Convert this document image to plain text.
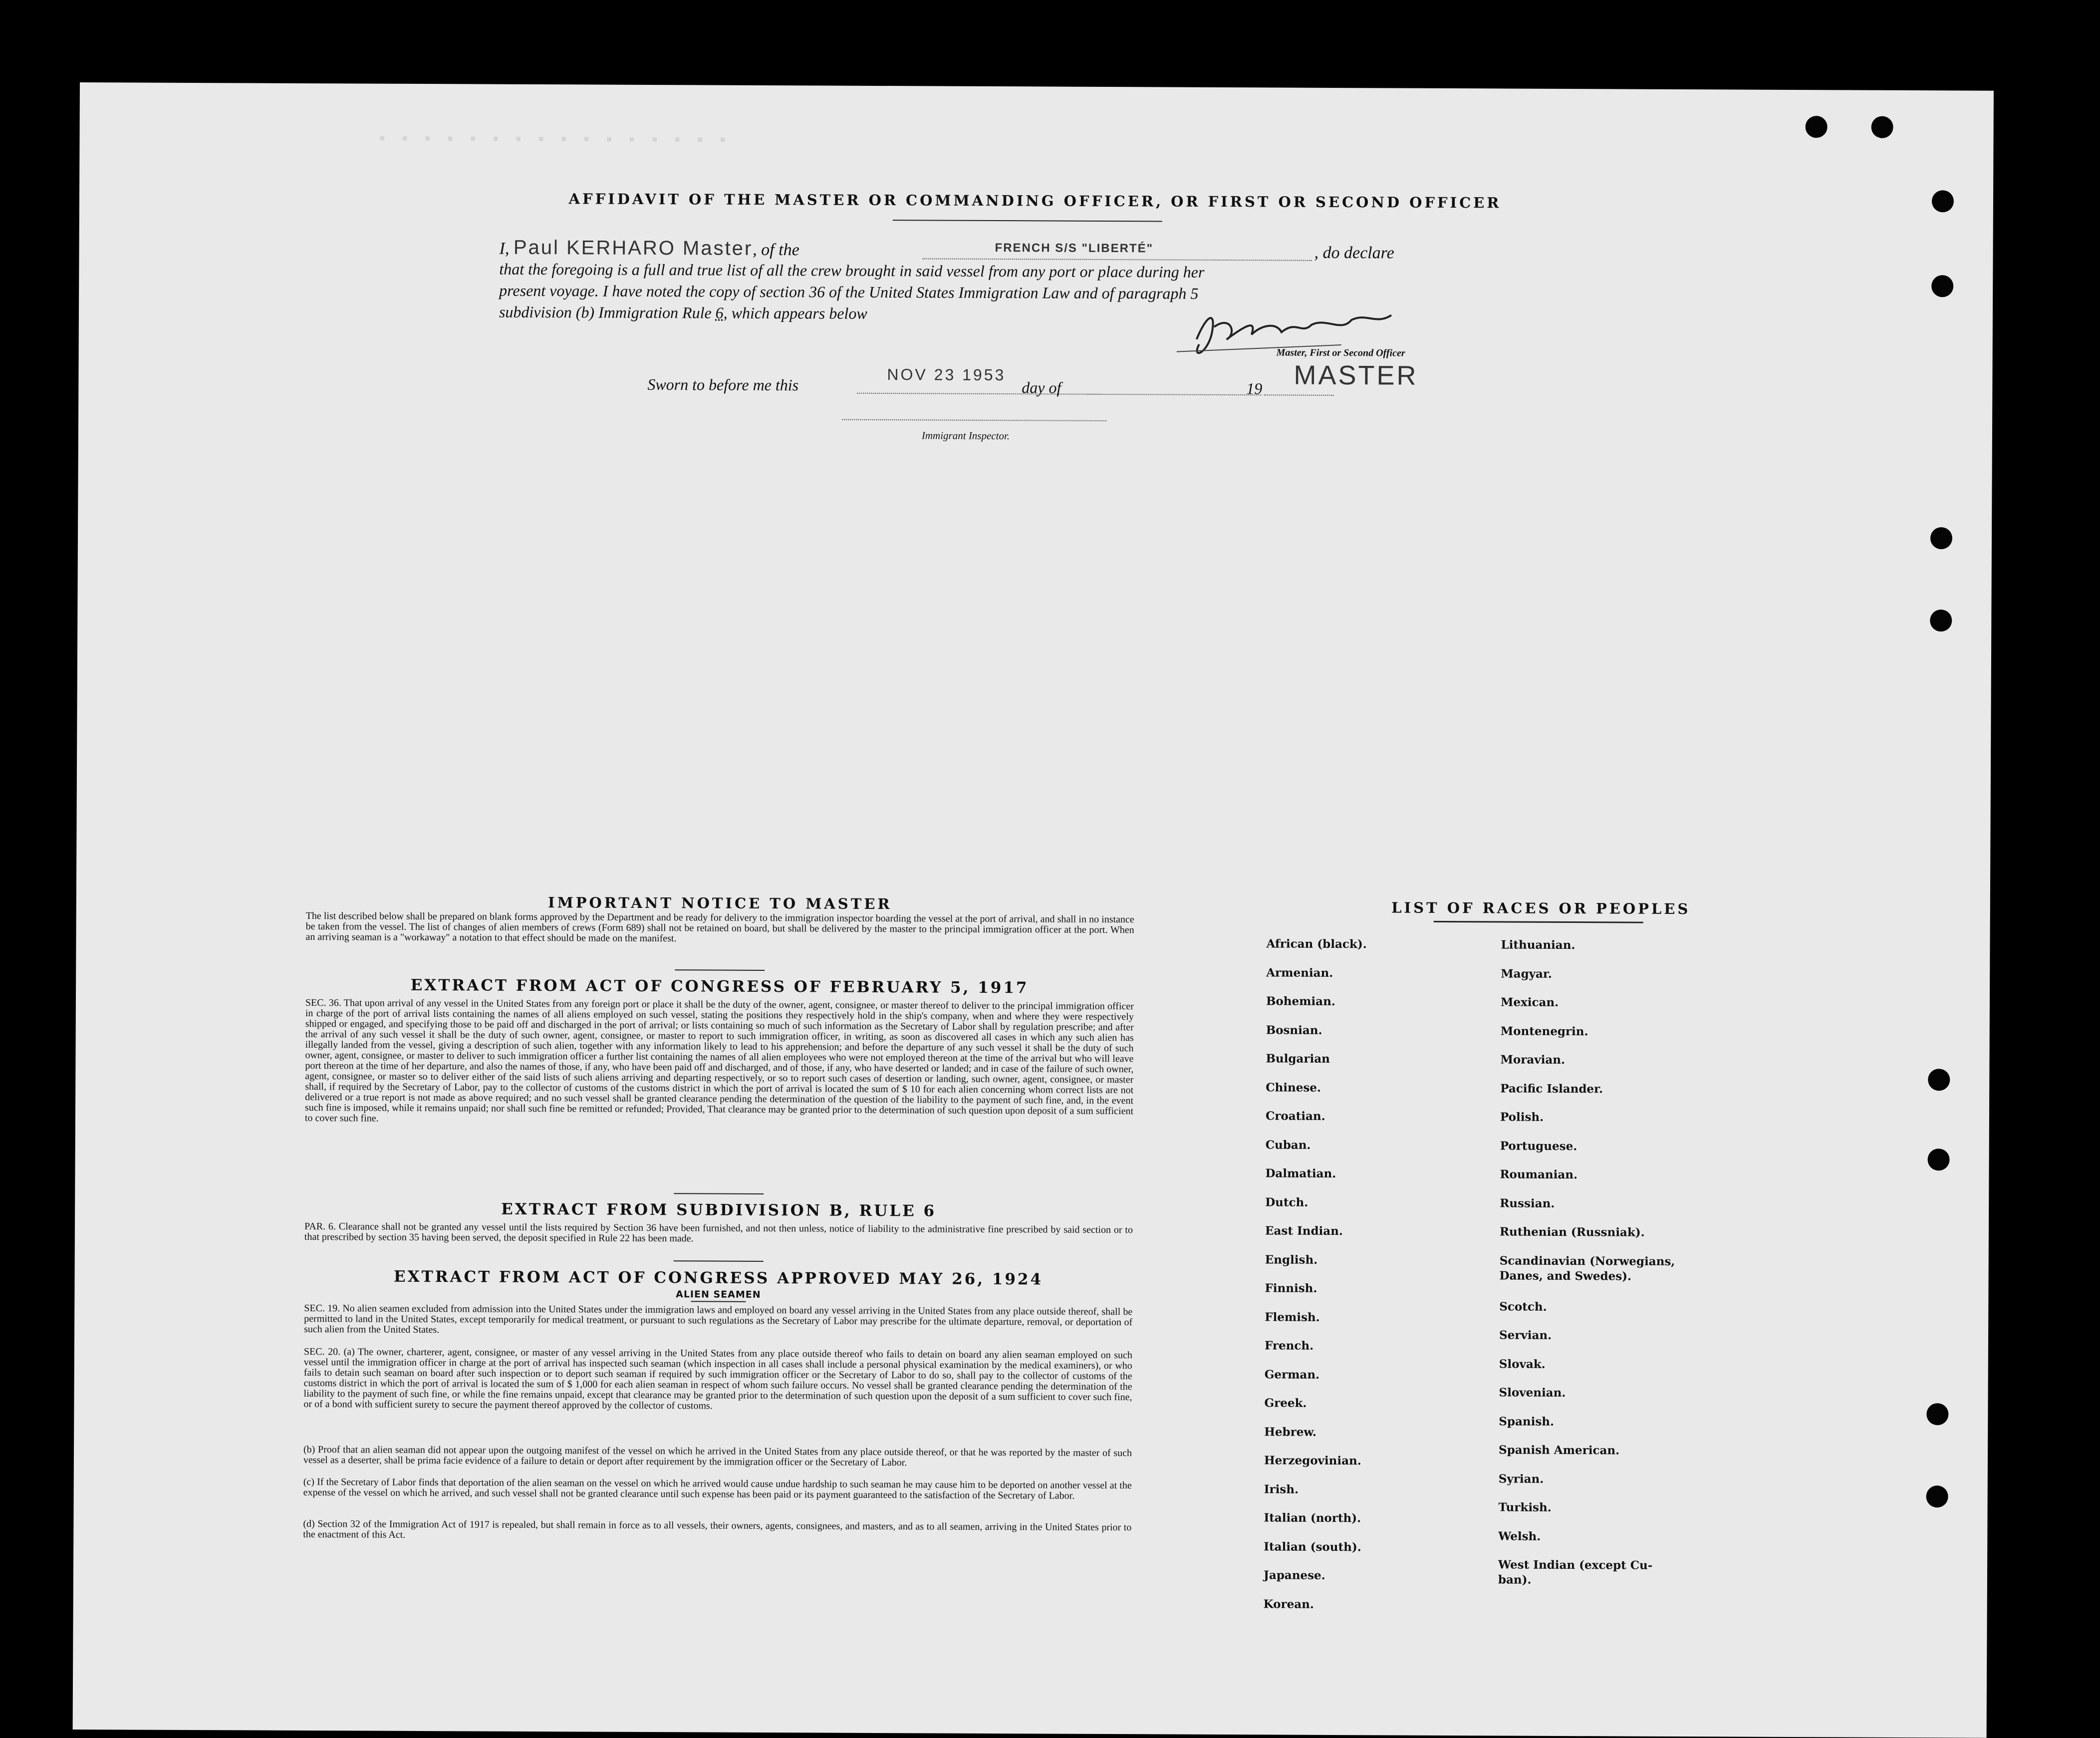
▪ ▪ ▪ ▪ ▪ ▪ ▪ ▪ ▪ ▪ ▪ ▪ ▪ ▪ ▪ ▪
AFFIDAVIT OF THE MASTER OR COMMANDING OFFICER, OR FIRST OR SECOND OFFICER
I, Paul KERHARO Master, of the	FRENCH S/S "LIBERTÉ"	, do declare
that the foregoing is a full and true list of all the crew brought in said vessel from any port or place during her
present voyage. I have noted the copy of section 36 of the United States Immigration Law and of paragraph 5
subdivision (b) Immigration Rule 6, which appears below
Master, First or Second Officer
MASTER
Sworn to before me this
NOV 23 1953
day of	19
Immigrant Inspector.
IMPORTANT NOTICE TO MASTER
The list described below shall be prepared on blank forms approved by the Department and be ready for delivery to the immigration inspector boarding the vessel at the port of arrival, and shall in no instance be taken from the vessel. The list of changes of alien members of crews (Form 689) shall not be retained on board, but shall be delivered by the master to the principal immigration officer at the port. When an arriving seaman is a "workaway" a notation to that effect should be made on the manifest.
EXTRACT FROM ACT OF CONGRESS OF FEBRUARY 5, 1917
SEC. 36. That upon arrival of any vessel in the United States from any foreign port or place it shall be the duty of the owner, agent, consignee, or master thereof to deliver to the principal immigration officer in charge of the port of arrival lists containing the names of all aliens employed on such vessel, stating the positions they respectively hold in the ship's company, when and where they were respectively shipped or engaged, and specifying those to be paid off and discharged in the port of arrival; or lists containing so much of such information as the Secretary of Labor shall by regulation prescribe; and after the arrival of any such vessel it shall be the duty of such owner, agent, consignee, or master to report to such immigration officer, in writing, as soon as discovered all cases in which any such alien has illegally landed from the vessel, giving a description of such alien, together with any information likely to lead to his apprehension; and before the departure of any such vessel it shall be the duty of such owner, agent, consignee, or master to deliver to such immigration officer a further list containing the names of all alien employees who were not employed thereon at the time of the arrival but who will leave port thereon at the time of her departure, and also the names of those, if any, who have been paid off and discharged, and of those, if any, who have deserted or landed; and in case of the failure of such owner, agent, consignee, or master so to deliver either of the said lists of such aliens arriving and departing respectively, or so to report such cases of desertion or landing, such owner, agent, consignee, or master shall, if required by the Secretary of Labor, pay to the collector of customs of the customs district in which the port of arrival is located the sum of $ 10 for each alien concerning whom correct lists are not delivered or a true report is not made as above required; and no such vessel shall be granted clearance pending the determination of the question of the liability to the payment of such fine, and, in the event such fine is imposed, while it remains unpaid; nor shall such fine be remitted or refunded; Provided, That clearance may be granted prior to the determination of such question upon deposit of a sum sufficient to cover such fine.
EXTRACT FROM SUBDIVISION B, RULE 6
PAR. 6. Clearance shall not be granted any vessel until the lists required by Section 36 have been furnished, and not then unless, notice of liability to the administrative fine prescribed by said section or to that prescribed by section 35 having been served, the deposit specified in Rule 22 has been made.
EXTRACT FROM ACT OF CONGRESS APPROVED MAY 26, 1924
ALIEN SEAMEN
SEC. 19. No alien seamen excluded from admission into the United States under the immigration laws and employed on board any vessel arriving in the United States from any place outside thereof, shall be permitted to land in the United States, except temporarily for medical treatment, or pursuant to such regulations as the Secretary of Labor may prescribe for the ultimate departure, removal, or deportation of such alien from the United States.
SEC. 20. (a) The owner, charterer, agent, consignee, or master of any vessel arriving in the United States from any place outside thereof who fails to detain on board any alien seaman employed on such vessel until the immigration officer in charge at the port of arrival has inspected such seaman (which inspection in all cases shall include a personal physical examination by the medical examiners), or who fails to detain such seaman on board after such inspection or to deport such seaman if required by such immigration officer or the Secretary of Labor to do so, shall pay to the collector of customs of the customs district in which the port of arrival is located the sum of $ 1,000 for each alien seaman in respect of whom such failure occurs. No vessel shall be granted clearance pending the determination of the liability to the payment of such fine, or while the fine remains unpaid, except that clearance may be granted prior to the determination of such question upon the deposit of a sum sufficient to cover such fine, or of a bond with sufficient surety to secure the payment thereof approved by the collector of customs.
(b) Proof that an alien seaman did not appear upon the outgoing manifest of the vessel on which he arrived in the United States from any place outside thereof, or that he was reported by the master of such vessel as a deserter, shall be prima facie evidence of a failure to detain or deport after requirement by the immigration officer or the Secretary of Labor.
(c) If the Secretary of Labor finds that deportation of the alien seaman on the vessel on which he arrived would cause undue hardship to such seaman he may cause him to be deported on another vessel at the expense of the vessel on which he arrived, and such vessel shall not be granted clearance until such expense has been paid or its payment guaranteed to the satisfaction of the Secretary of Labor.
(d) Section 32 of the Immigration Act of 1917 is repealed, but shall remain in force as to all vessels, their owners, agents, consignees, and masters, and as to all seamen, arriving in the United States prior to the enactment of this Act.
LIST OF RACES OR PEOPLES
African (black).
Armenian.
Bohemian.
Bosnian.
Bulgarian
Chinese.
Croatian.
Cuban.
Dalmatian.
Dutch.
East Indian.
English.
Finnish.
Flemish.
French.
German.
Greek.
Hebrew.
Herzegovinian.
Irish.
Italian (north).
Italian (south).
Japanese.
Korean.
Lithuanian.
Magyar.
Mexican.
Montenegrin.
Moravian.
Pacific Islander.
Polish.
Portuguese.
Roumanian.
Russian.
Ruthenian (Russniak).
Scandinavian (Norwegians,
Danes, and Swedes).
Scotch.
Servian.
Slovak.
Slovenian.
Spanish.
Spanish American.
Syrian.
Turkish.
Welsh.
West Indian (except Cu-
ban).
